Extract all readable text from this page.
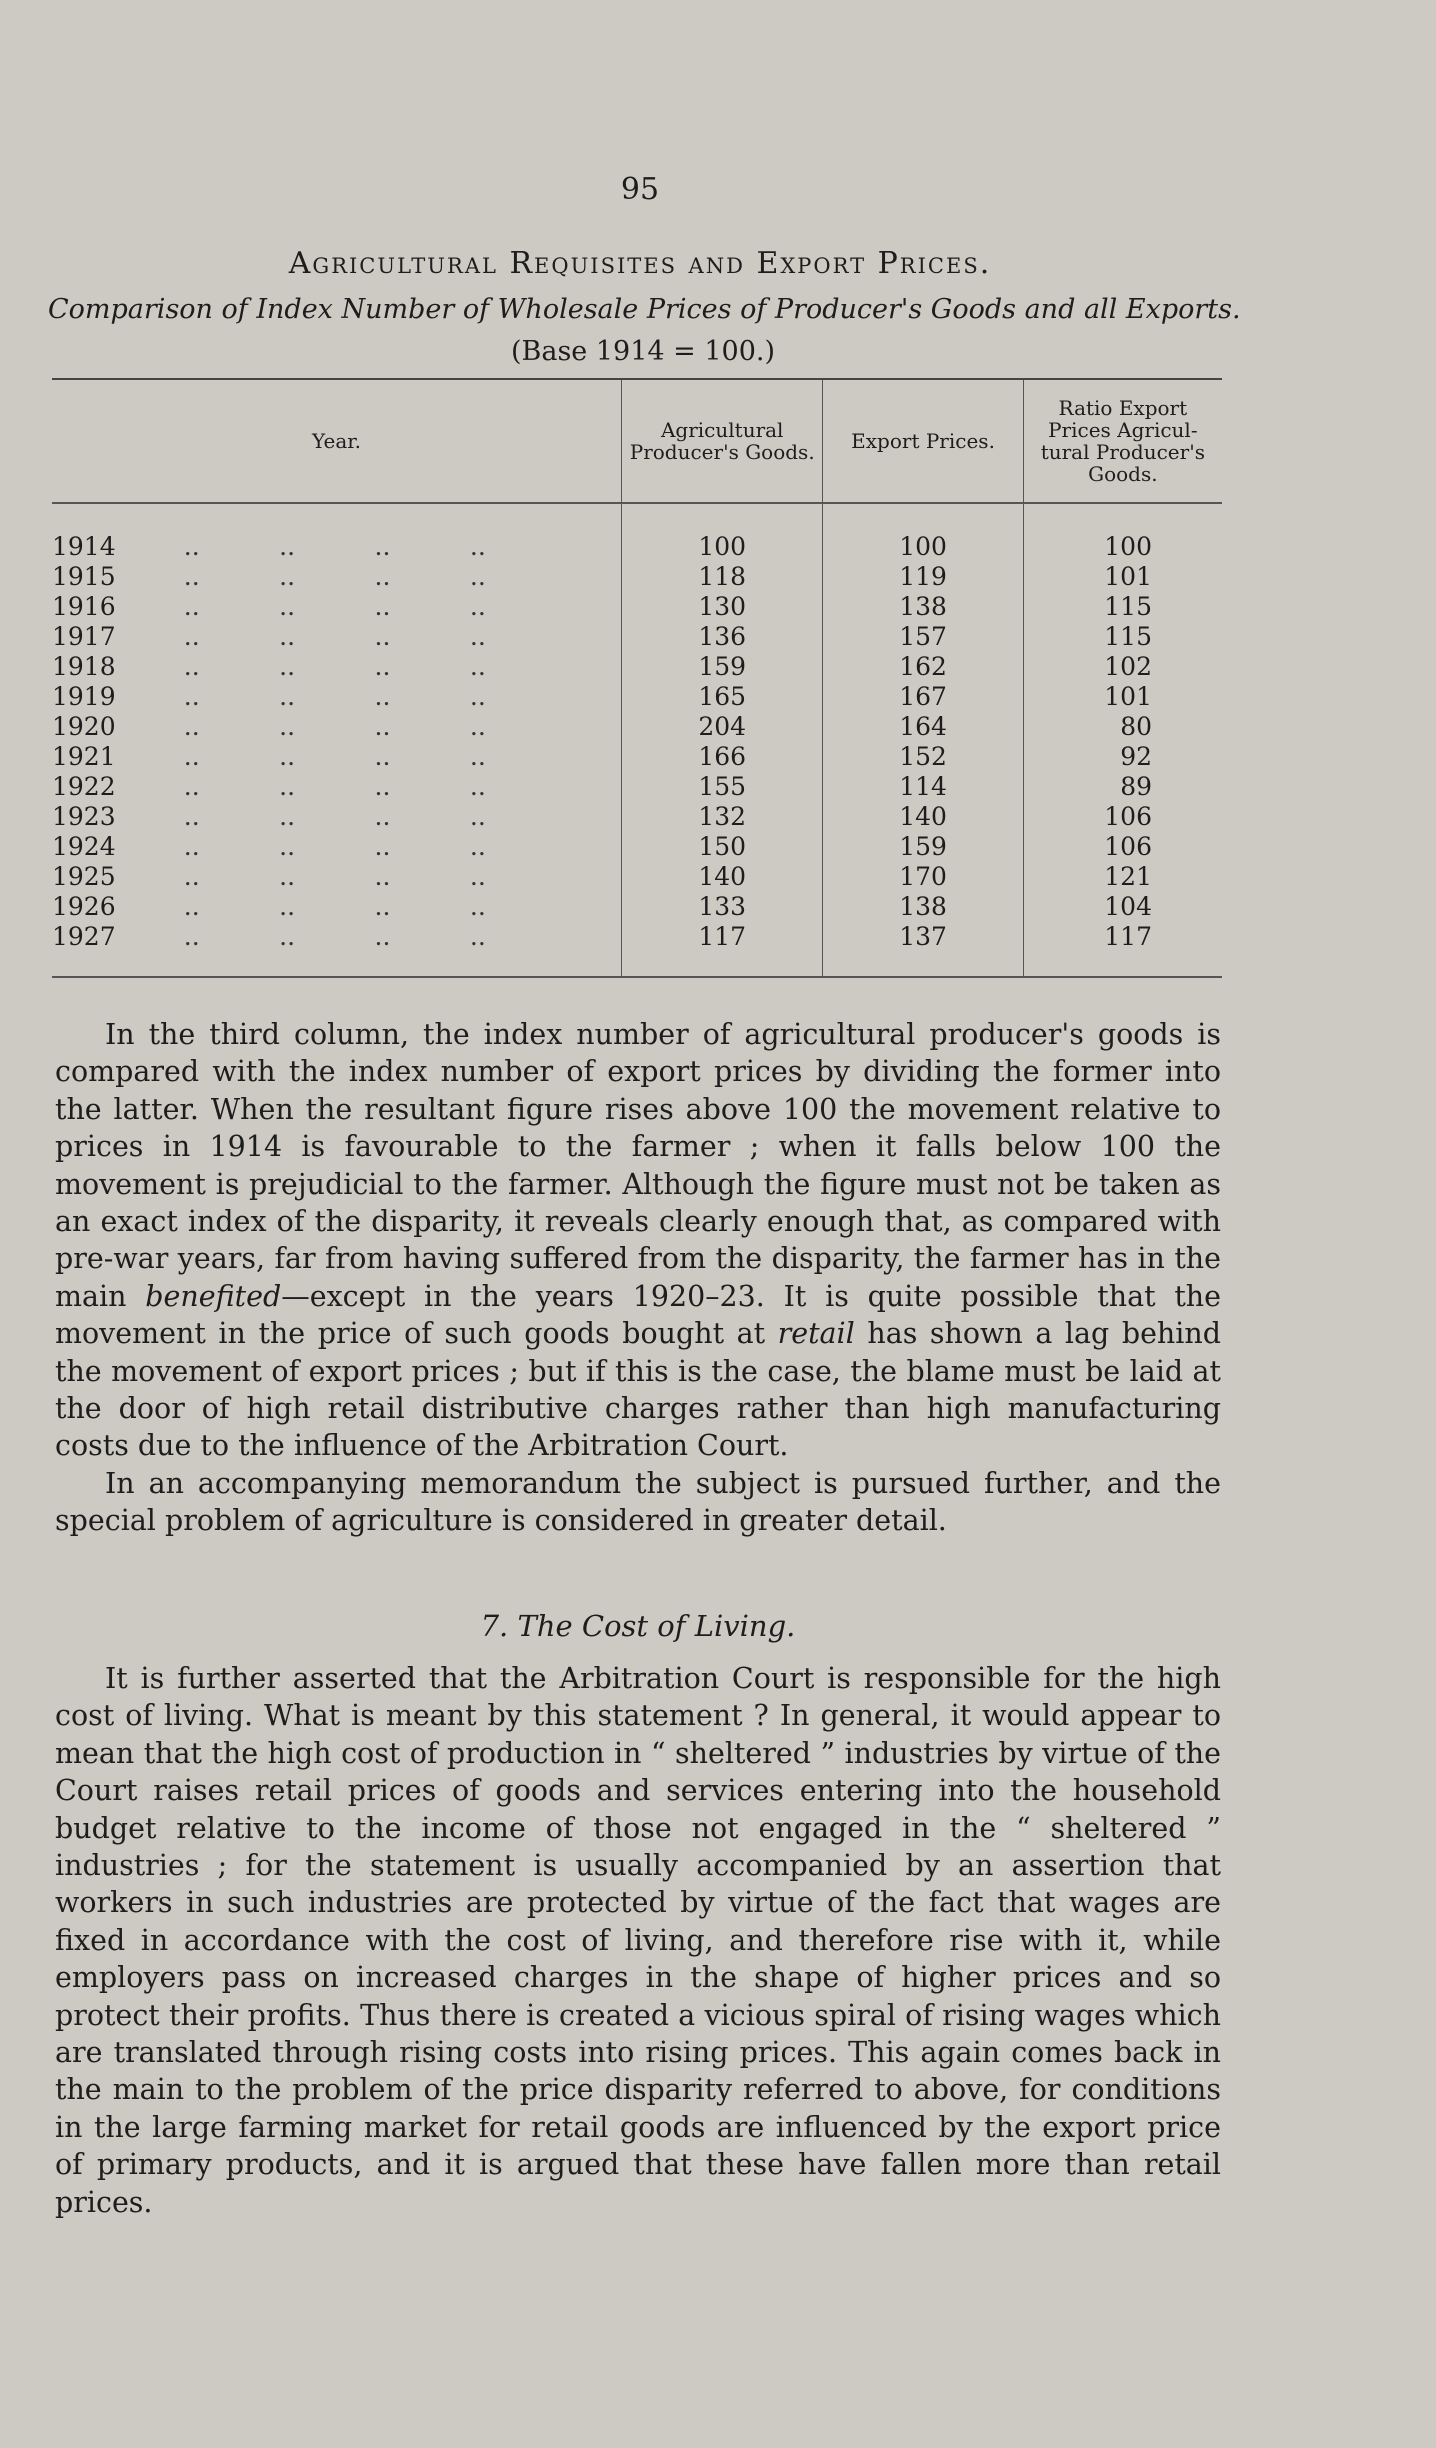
95
Agricultural Requisites and Export Prices.
Comparison of Index Number of Wholesale Prices of Producer's Goods and all Exports.
(Base 1914 = 100.)
Year.	Agricultural Producer's Goods.	Export Prices.	Ratio Export Prices Agricul-tural Producer's Goods.

1914    ..          ..          ..          ..	100	100	100
1915    ..          ..          ..          ..	118	119	101
1916    ..          ..          ..          ..	130	138	115
1917    ..          ..          ..          ..	136	157	115
1918    ..          ..          ..          ..	159	162	102
1919    ..          ..          ..          ..	165	167	101
1920    ..          ..          ..          ..	204	164	80
1921    ..          ..          ..          ..	166	152	92
1922    ..          ..          ..          ..	155	114	89
1923    ..          ..          ..          ..	132	140	106
1924    ..          ..          ..          ..	150	159	106
1925    ..          ..          ..          ..	140	170	121
1926    ..          ..          ..          ..	133	138	104
1927    ..          ..          ..          ..	117	137	117

In the third column, the index number of agricultural producer's goods is compared with the index number of export prices by dividing the former into the latter. When the resultant figure rises above 100 the movement relative to prices in 1914 is favourable to the farmer ; when it falls below 100 the movement is prejudicial to the farmer. Although the figure must not be taken as an exact index of the disparity, it reveals clearly enough that, as compared with pre-war years, far from having suffered from the disparity, the farmer has in the main benefited—except in the years 1920–23. It is quite possible that the movement in the price of such goods bought at retail has shown a lag behind the movement of export prices ; but if this is the case, the blame must be laid at the door of high retail distributive charges rather than high manufacturing costs due to the influence of the Arbitration Court.

In an accompanying memorandum the subject is pursued further, and the special problem of agriculture is considered in greater detail.

7. The Cost of Living.

It is further asserted that the Arbitration Court is responsible for the high cost of living. What is meant by this statement ? In general, it would appear to mean that the high cost of production in “ sheltered ” industries by virtue of the Court raises retail prices of goods and services entering into the household budget relative to the income of those not engaged in the “ sheltered ” industries ; for the statement is usually accompanied by an assertion that workers in such industries are protected by virtue of the fact that wages are fixed in accordance with the cost of living, and therefore rise with it, while employers pass on increased charges in the shape of higher prices and so protect their profits. Thus there is created a vicious spiral of rising wages which are translated through rising costs into rising prices. This again comes back in the main to the problem of the price disparity referred to above, for conditions in the large farming market for retail goods are influenced by the export price of primary products, and it is argued that these have fallen more than retail prices.
